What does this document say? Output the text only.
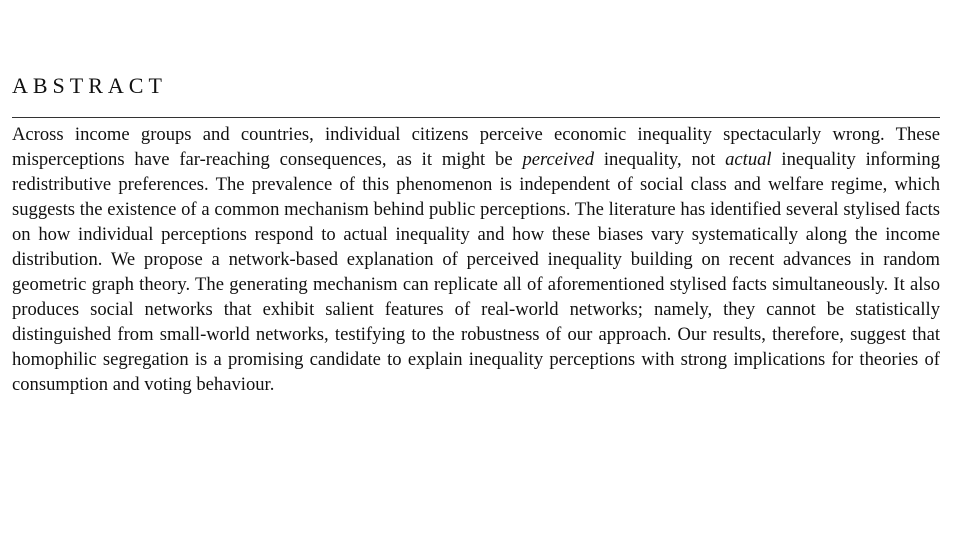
ABSTRACT

Across income groups and countries, individual citizens perceive economic inequality spectacularly wrong. These misperceptions have far-reaching consequences, as it might be perceived inequality, not actual inequality informing redistributive preferences. The prevalence of this phenomenon is independent of social class and welfare regime, which suggests the existence of a common mechanism behind public perceptions. The literature has identified several stylised facts on how individual perceptions respond to actual inequality and how these biases vary systematically along the income distribution. We propose a network-based explanation of perceived inequality building on recent advances in random geometric graph theory. The generating mechanism can replicate all of aforementioned stylised facts simultaneously. It also produces social networks that exhibit salient features of real-world networks; namely, they cannot be statistically distinguished from small-world networks, testifying to the robustness of our approach. Our results, therefore, suggest that homophilic segregation is a promising candidate to explain inequality perceptions with strong implications for theories of consumption and voting behaviour.
